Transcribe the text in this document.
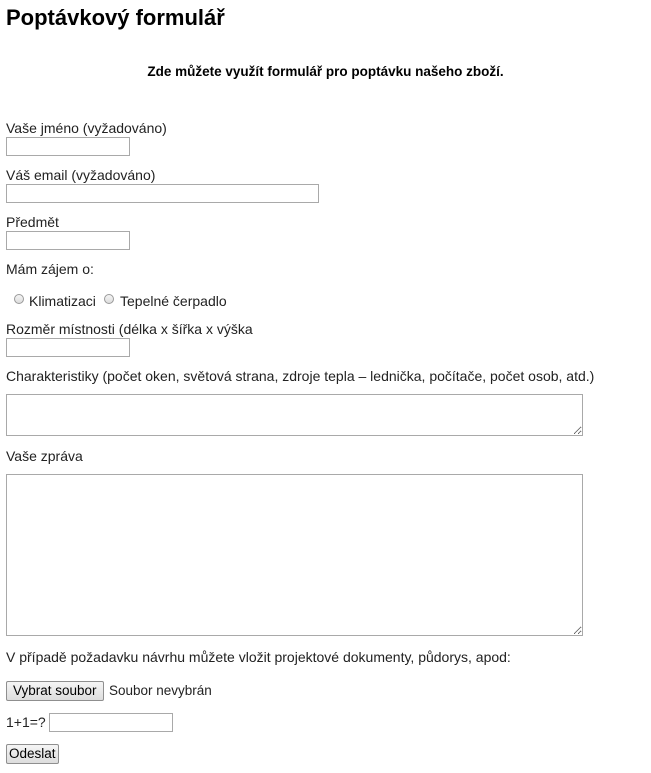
Poptávkový formulář
Zde můžete využít formulář pro poptávku našeho zboží.
Vaše jméno (vyžadováno)
Váš email (vyžadováno)
Předmět
Mám zájem o:
Klimatizaci Tepelné čerpadlo
Rozměr místnosti (délka x šířka x výška
Charakteristiky (počet oken, světová strana, zdroje tepla – lednička, počítače, počet osob, atd.)
Vaše zpráva
V případě požadavku návrhu můžete vložit projektové dokumenty, půdorys, apod:
Vybrat soubor Soubor nevybrán
1+1=?
Odeslat
